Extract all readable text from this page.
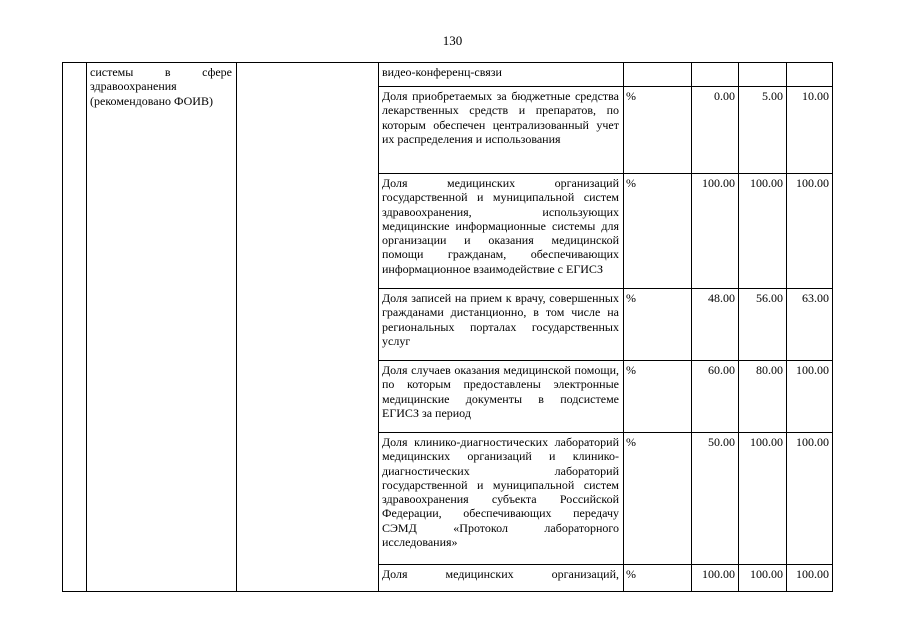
130

	системы в сфере
здравоохранения
(рекомендовано ФОИВ)		видео-конференц-связи				
			Доля приобретаемых за бюджетные средства лекарственных средств и препаратов, по которым обеспечен централизованный учет их распределения и использования	%	0.00	5.00	10.00
			Доля медицинских организаций государственной и муниципальной систем здравоохранения, использующих медицинские информационные системы для организации и оказания медицинской помощи гражданам, обеспечивающих информационное взаимодействие с ЕГИСЗ	%	100.00	100.00	100.00
			Доля записей на прием к врачу, совершенных гражданами дистанционно, в том числе на региональных порталах государственных услуг	%	48.00	56.00	63.00
			Доля случаев оказания медицинской помощи, по которым предоставлены электронные медицинские документы в подсистеме ЕГИСЗ за период	%	60.00	80.00	100.00
			Доля клинико-диагностических лабораторий медицинских организаций и клинико-диагностических лабораторий государственной и муниципальной систем здравоохранения субъекта Российской Федерации, обеспечивающих передачу СЭМД «Протокол лабораторного исследования»	%	50.00	100.00	100.00
			Доля медицинских организаций,	%	100.00	100.00	100.00
